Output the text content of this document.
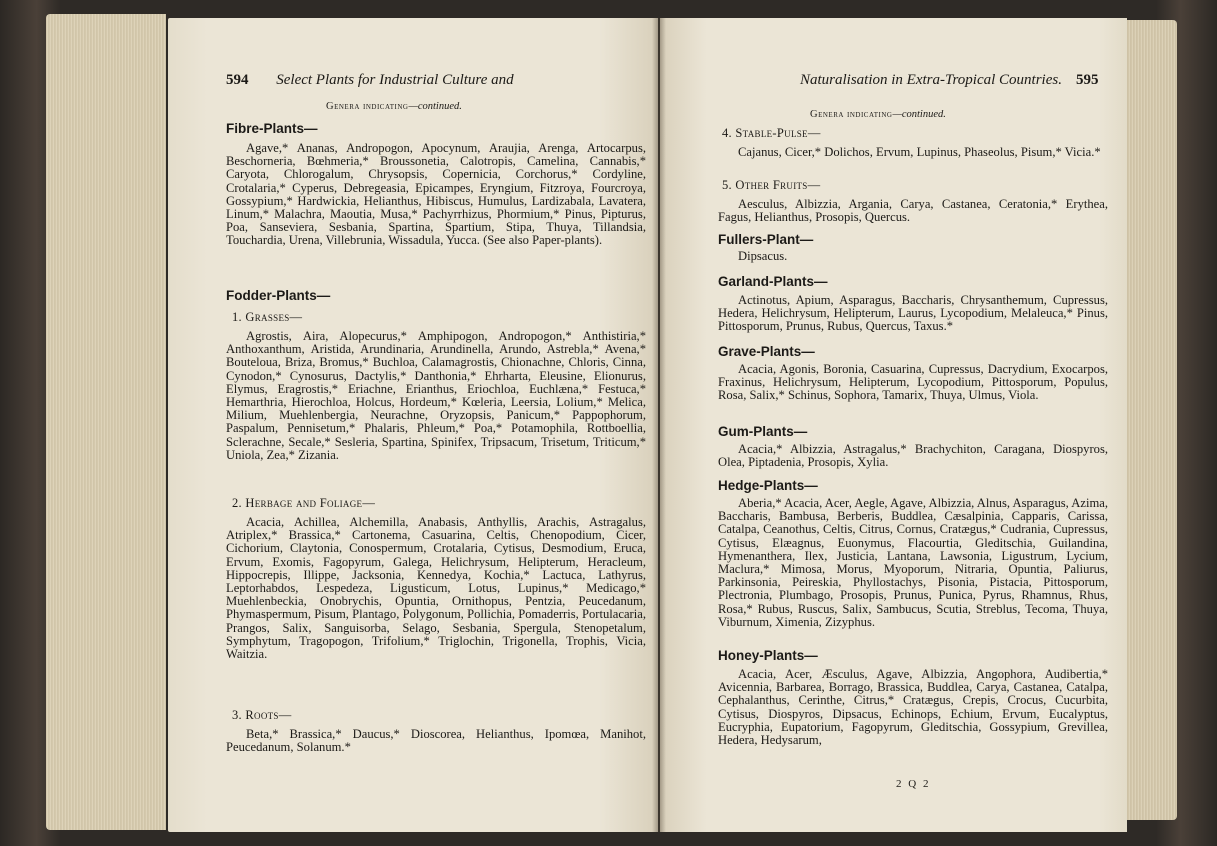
594 Select Plants for Industrial Culture and
Genera indicating—continued.
Fibre-Plants—
Agave,* Ananas, Andropogon, Apocynum, Araujia, Arenga, Artocarpus, Beschorneria, Bœhmeria,* Broussonetia, Calotropis, Camelina, Cannabis,* Caryota, Chlorogalum, Chrysopsis, Copernicia, Corchorus,* Cordyline, Crotalaria,* Cyperus, Debregeasia, Epicampes, Eryngium, Fitzroya, Fourcroya, Gossypium,* Hardwickia, Helianthus, Hibiscus, Humulus, Lardizabala, Lavatera, Linum,* Malachra, Maoutia, Musa,* Pachyrrhizus, Phormium,* Pinus, Pipturus, Poa, Sanseviera, Sesbania, Spartina, Spartium, Stipa, Thuya, Tillandsia, Touchardia, Urena, Villebrunia, Wissadula, Yucca. (See also Paper-plants).
Fodder-Plants—
1. Grasses—
Agrostis, Aira, Alopecurus,* Amphipogon, Andropogon,* Anthistiria,* Anthoxanthum, Aristida, Arundinaria, Arundinella, Arundo, Astrebla,* Avena,* Bouteloua, Briza, Bromus,* Buchloa, Calamagrostis, Chionachne, Chloris, Cinna, Cynodon,* Cynosurus, Dactylis,* Danthonia,* Ehrharta, Eleusine, Elionurus, Elymus, Eragrostis,* Eriachne, Erianthus, Eriochloa, Euchlæna,* Festuca,* Hemarthria, Hierochloa, Holcus, Hordeum,* Kœleria, Leersia, Lolium,* Melica, Milium, Muehlenbergia, Neurachne, Oryzopsis, Panicum,* Pappophorum, Paspalum, Pennisetum,* Phalaris, Phleum,* Poa,* Potamophila, Rottboellia, Sclerachne, Secale,* Sesleria, Spartina, Spinifex, Tripsacum, Trisetum, Triticum,* Uniola, Zea,* Zizania.
2. Herbage and Foliage—
Acacia, Achillea, Alchemilla, Anabasis, Anthyllis, Arachis, Astragalus, Atriplex,* Brassica,* Cartonema, Casuarina, Celtis, Chenopodium, Cicer, Cichorium, Claytonia, Conospermum, Crotalaria, Cytisus, Desmodium, Eruca, Ervum, Exomis, Fagopyrum, Galega, Helichrysum, Helipterum, Heracleum, Hippocrepis, Illippe, Jacksonia, Kennedya, Kochia,* Lactuca, Lathyrus, Leptorhabdos, Lespedeza, Ligusticum, Lotus, Lupinus,* Medicago,* Muehlenbeckia, Onobrychis, Opuntia, Ornithopus, Pentzia, Peucedanum, Phymaspermum, Pisum, Plantago, Polygonum, Pollichia, Pomaderris, Portulacaria, Prangos, Salix, Sanguisorba, Selago, Sesbania, Spergula, Stenopetalum, Symphytum, Tragopogon, Trifolium,* Triglochin, Trigonella, Trophis, Vicia, Waitzia.
3. Roots—
Beta,* Brassica,* Daucus,* Dioscorea, Helianthus, Ipomœa, Manihot, Peucedanum, Solanum.*
Naturalisation in Extra-Tropical Countries. 595
Genera indicating—continued.
4. Stable-Pulse—
Cajanus, Cicer,* Dolichos, Ervum, Lupinus, Phaseolus, Pisum,* Vicia.*
5. Other Fruits—
Aesculus, Albizzia, Argania, Carya, Castanea, Ceratonia,* Erythea, Fagus, Helianthus, Prosopis, Quercus.
Fullers-Plant—
Dipsacus.
Garland-Plants—
Actinotus, Apium, Asparagus, Baccharis, Chrysanthemum, Cupressus, Hedera, Helichrysum, Helipterum, Laurus, Lycopodium, Melaleuca,* Pinus, Pittosporum, Prunus, Rubus, Quercus, Taxus.*
Grave-Plants—
Acacia, Agonis, Boronia, Casuarina, Cupressus, Dacrydium, Exocarpos, Fraxinus, Helichrysum, Helipterum, Lycopodium, Pittosporum, Populus, Rosa, Salix,* Schinus, Sophora, Tamarix, Thuya, Ulmus, Viola.
Gum-Plants—
Acacia,* Albizzia, Astragalus,* Brachychiton, Caragana, Diospyros, Olea, Piptadenia, Prosopis, Xylia.
Hedge-Plants—
Aberia,* Acacia, Acer, Aegle, Agave, Albizzia, Alnus, Asparagus, Azima, Baccharis, Bambusa, Berberis, Buddlea, Cæsalpinia, Capparis, Carissa, Catalpa, Ceanothus, Celtis, Citrus, Cornus, Cratægus,* Cudrania, Cupressus, Cytisus, Elæagnus, Euonymus, Flacourtia, Gleditschia, Guilandina, Hymenanthera, Ilex, Justicia, Lantana, Lawsonia, Ligustrum, Lycium, Maclura,* Mimosa, Morus, Myoporum, Nitraria, Opuntia, Paliurus, Parkinsonia, Peireskia, Phyllostachys, Pisonia, Pistacia, Pittosporum, Plectronia, Plumbago, Prosopis, Prunus, Punica, Pyrus, Rhamnus, Rhus, Rosa,* Rubus, Ruscus, Salix, Sambucus, Scutia, Streblus, Tecoma, Thuya, Viburnum, Ximenia, Zizyphus.
Honey-Plants—
Acacia, Acer, Æsculus, Agave, Albizzia, Angophora, Audibertia,* Avicennia, Barbarea, Borrago, Brassica, Buddlea, Carya, Castanea, Catalpa, Cephalanthus, Cerinthe, Citrus,* Cratægus, Crepis, Crocus, Cucurbita, Cytisus, Diospyros, Dipsacus, Echinops, Echium, Ervum, Eucalyptus, Eucryphia, Eupatorium, Fagopyrum, Gleditschia, Gossypium, Grevillea, Hedera, Hedysarum,
2 Q 2
